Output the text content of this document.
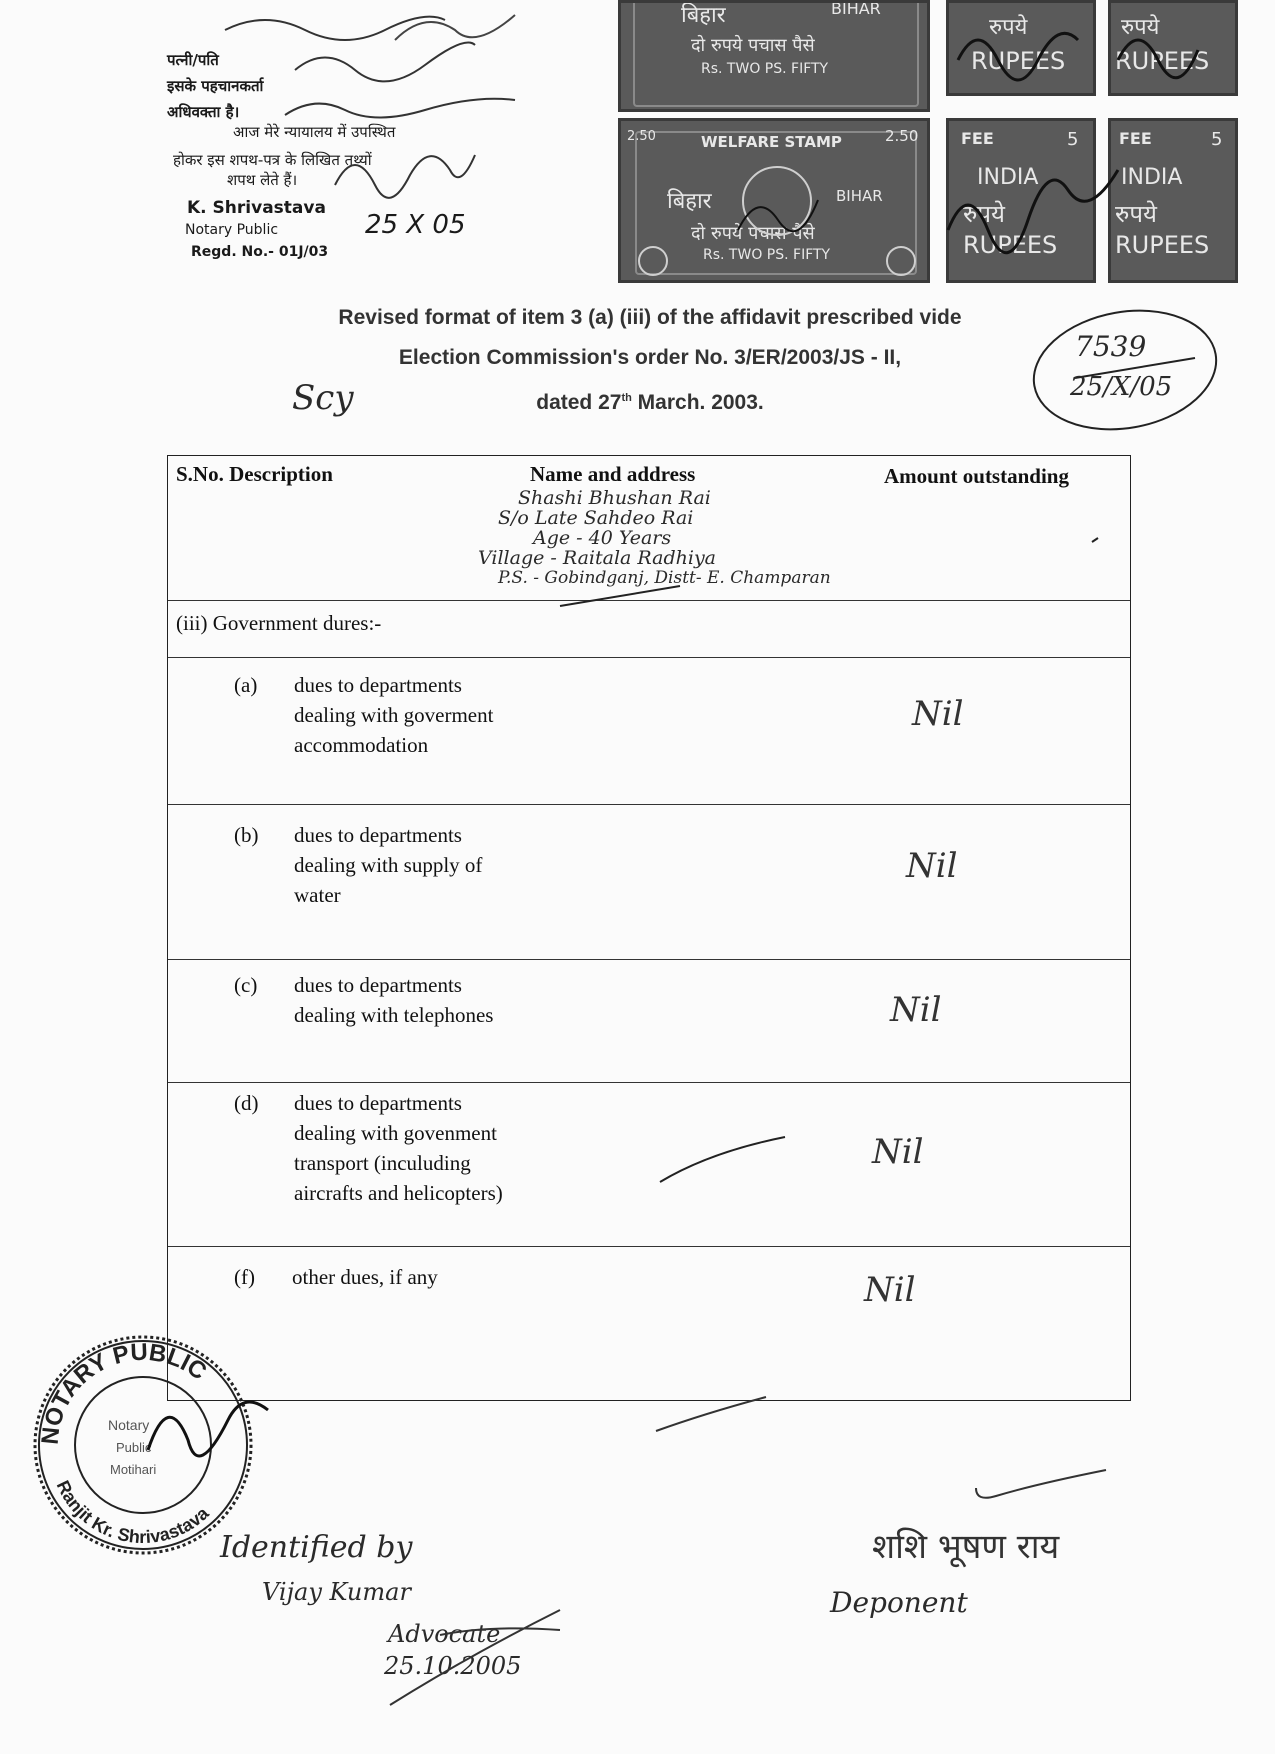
पत्नी/पति
इसके पहचानकर्ता
अधिवक्ता है।
आज मेरे न्यायालय में उपस्थित
होकर इस शपथ-पत्र के लिखित तथ्यों
शपथ लेते हैं।
K. Shrivastava
Notary Public
Regd. No.- 01J/03
25 X 05
बिहार	BIHAR
दो रुपये पचास पैसे
Rs. TWO PS. FIFTY
रुपये
RUPEES
रुपये
RUPEES
2.50	2.50
WELFARE STAMP
बिहार	BIHAR
दो रुपये पचास पैसे
Rs. TWO PS. FIFTY
FEE	5
INDIA
रुपये
RUPEES
FEE	5
INDIA
रुपये
RUPEES
7539
25/X/05
Revised format of item 3 (a) (iii) of the affidavit prescribed vide
Election Commission's order No. 3/ER/2003/JS - II,
dated 27th March. 2003.
Scy
S.No. Description	Name and address	Amount outstanding
Shashi Bhushan Rai
S/o Late Sahdeo Rai
Age - 40 Years
Village - Raitala Radhiya
P.S. - Gobindganj, Distt- E. Champaran
(iii) Government dures:-
(a) dues to departments
dealing with goverment
accommodation
Nil
(b) dues to departments
dealing with supply of
water
Nil
(c) dues to departments
dealing with telephones	Nil
(d) dues to departments
dealing with govenment
transport (inculuding
aircrafts and helicopters)
Nil
(f) other dues, if any	Nil
NOTARY PUBLIC
Ranjit Kr. Shrivastava
Notary
Public
Motihari
Identified by
Vijay Kumar
Advocate
25.10.2005
शशि भूषण राय
Deponent
